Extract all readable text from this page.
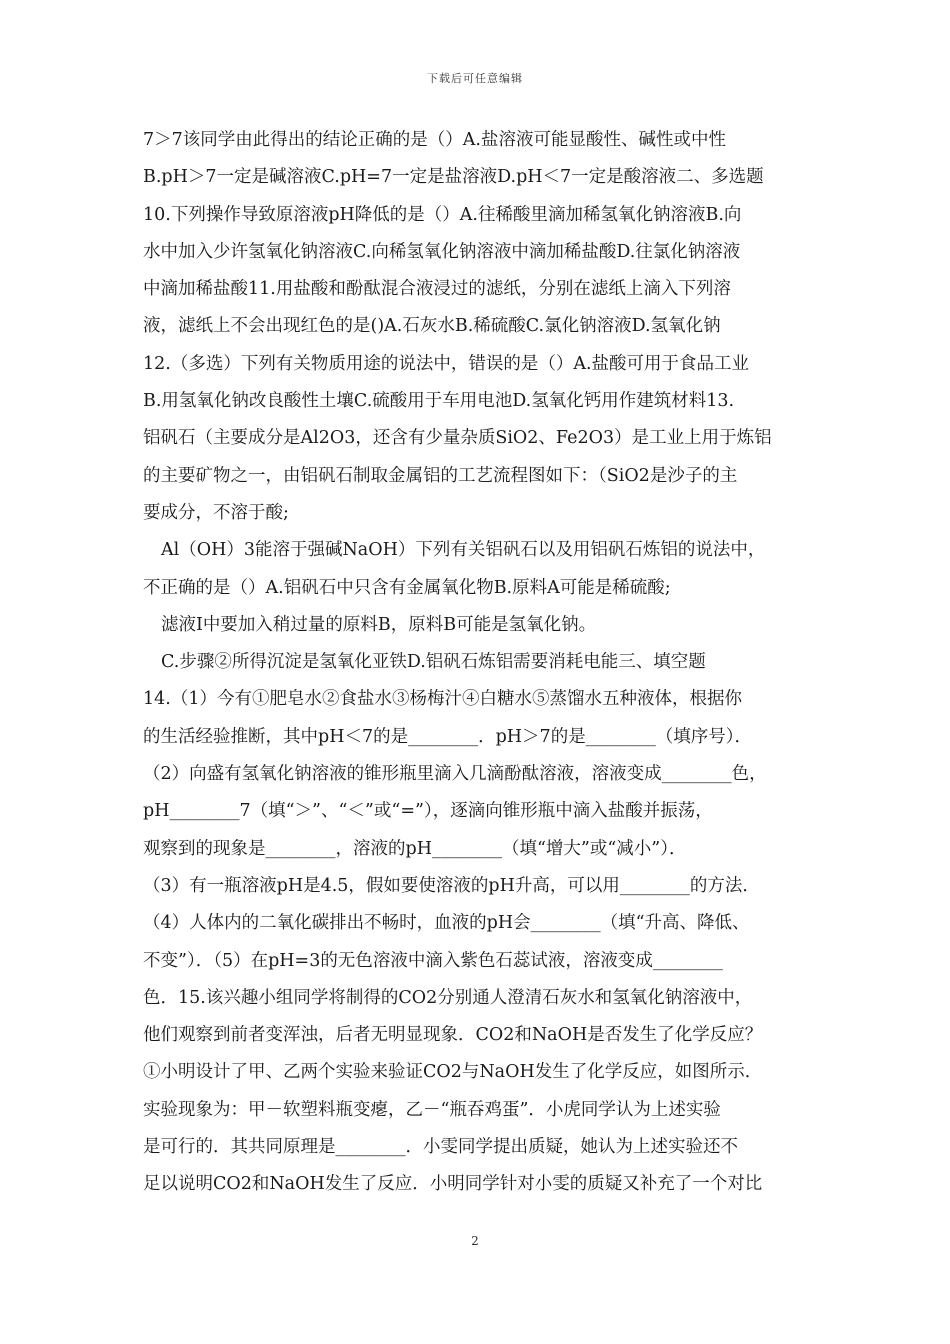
下载后可任意编辑
7＞7该同学由此得出的结论正确的是（）A.盐溶液可能显酸性、碱性或中性
B.pH＞7一定是碱溶液C.pH=7一定是盐溶液D.pH＜7一定是酸溶液二、多选题
10.下列操作导致原溶液pH降低的是（）A.往稀酸里滴加稀氢氧化钠溶液B.向
水中加入少许氢氧化钠溶液C.向稀氢氧化钠溶液中滴加稀盐酸D.往氯化钠溶液
中滴加稀盐酸11.用盐酸和酚酞混合液浸过的滤纸，分别在滤纸上滴入下列溶
液，滤纸上不会出现红色的是()A.石灰水B.稀硫酸C.氯化钠溶液D.氢氧化钠
12.（多选）下列有关物质用途的说法中，错误的是（）A.盐酸可用于食品工业
B.用氢氧化钠改良酸性土壤C.硫酸用于车用电池D.氢氧化钙用作建筑材料13.
铝矾石（主要成分是Al2O3，还含有少量杂质SiO2、Fe2O3）是工业上用于炼铝
的主要矿物之一，由铝矾石制取金属铝的工艺流程图如下：（SiO2是沙子的主
要成分，不溶于酸;
Al（OH）3能溶于强碱NaOH）下列有关铝矾石以及用铝矾石炼铝的说法中，
不正确的是（）A.铝矾石中只含有金属氧化物B.原料A可能是稀硫酸;
滤液Ⅰ中要加入稍过量的原料B，原料B可能是氢氧化钠。
C.步骤②所得沉淀是氢氧化亚铁D.铝矾石炼铝需要消耗电能三、填空题
14.（1）今有①肥皂水②食盐水③杨梅汁④白糖水⑤蒸馏水五种液体，根据你
的生活经验推断，其中pH＜7的是________．pH＞7的是________（填序号）．
（2）向盛有氢氧化钠溶液的锥形瓶里滴入几滴酚酞溶液，溶液变成________色，
pH________7（填“＞”、“＜”或“=”），逐滴向锥形瓶中滴入盐酸并振荡，
观察到的现象是________，溶液的pH________（填“增大”或“减小”）．
（3）有一瓶溶液pH是4.5，假如要使溶液的pH升高，可以用________的方法．
（4）人体内的二氧化碳排出不畅时，血液的pH会________（填“升高、降低、
不变”）．（5）在pH=3的无色溶液中滴入紫色石蕊试液，溶液变成________
色．15.该兴趣小组同学将制得的CO2分别通人澄清石灰水和氢氧化钠溶液中，
他们观察到前者变浑浊，后者无明显现象．CO2和NaOH是否发生了化学反应？
①小明设计了甲、乙两个实验来验证CO2与NaOH发生了化学反应，如图所示．
实验现象为：甲－软塑料瓶变瘪，乙－“瓶吞鸡蛋”．小虎同学认为上述实验
是可行的．其共同原理是________．小雯同学提出质疑，她认为上述实验还不
足以说明CO2和NaOH发生了反应．小明同学针对小雯的质疑又补充了一个对比
2
